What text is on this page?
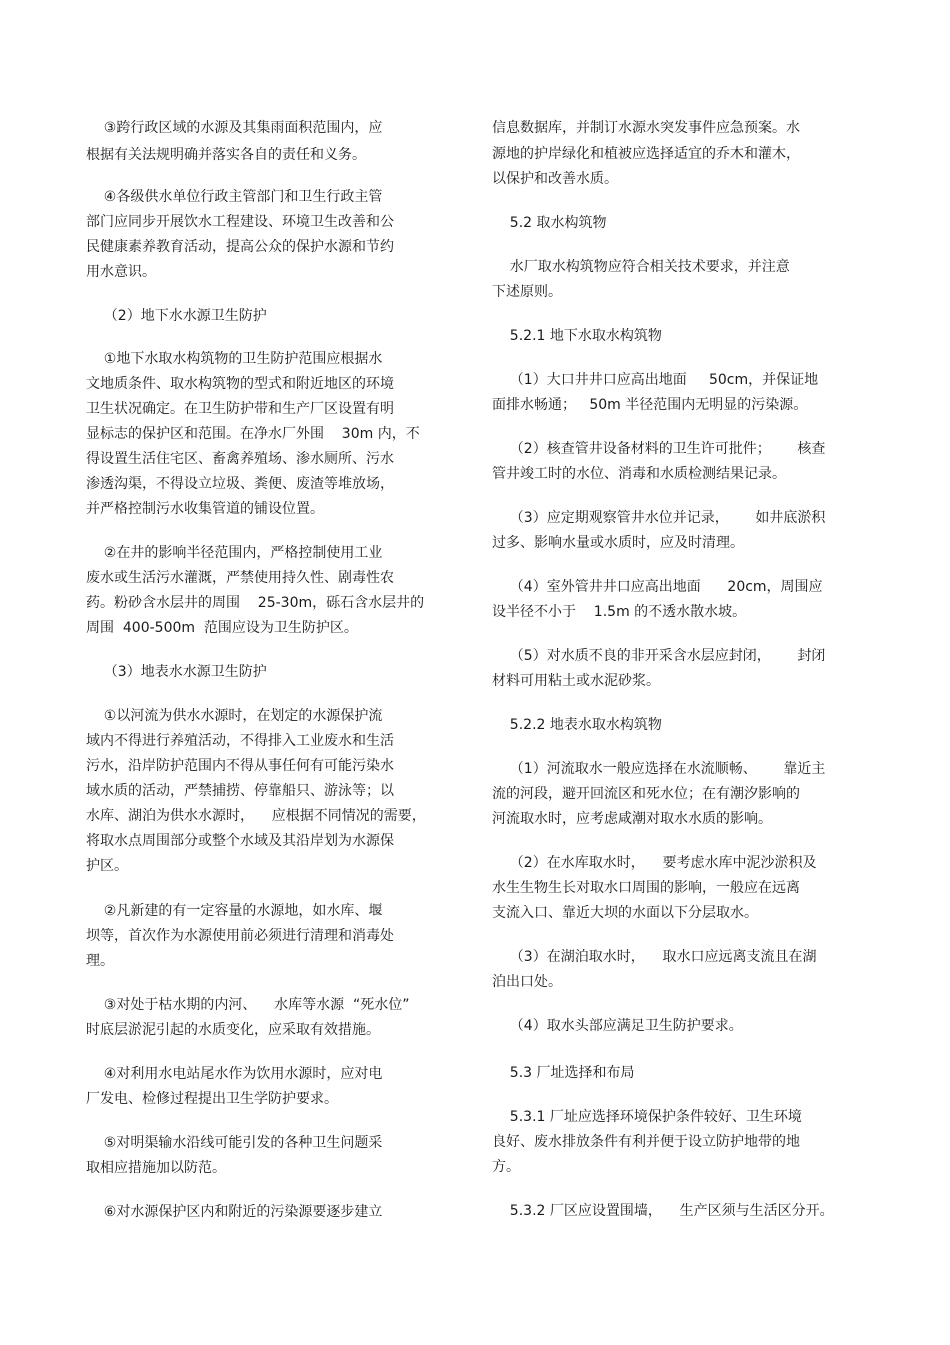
③跨行政区域的水源及其集雨面积范围内，应
根据有关法规明确并落实各自的责任和义务。
④各级供水单位行政主管部门和卫生行政主管
部门应同步开展饮水工程建设、环境卫生改善和公
民健康素养教育活动，提高公众的保护水源和节约
用水意识。
（2）地下水水源卫生防护
①地下水取水构筑物的卫生防护范围应根据水
文地质条件、取水构筑物的型式和附近地区的环境
卫生状况确定。在卫生防护带和生产厂区设置有明
显标志的保护区和范围。在净水厂外围    30m 内，不
得设置生活住宅区、畜禽养殖场、渗水厕所、污水
渗透沟渠，不得设立垃圾、粪便、废渣等堆放场，
并严格控制污水收集管道的铺设位置。
②在井的影响半径范围内，严格控制使用工业
废水或生活污水灌溉，严禁使用持久性、剧毒性农
药。粉砂含水层井的周围    25-30m，砾石含水层井的
周围  400-500m  范围应设为卫生防护区。
（3）地表水水源卫生防护
①以河流为供水水源时，在划定的水源保护流
域内不得进行养殖活动，不得排入工业废水和生活
污水，沿岸防护范围内不得从事任何有可能污染水
域水质的活动，严禁捕捞、停靠船只、游泳等；以
水库、湖泊为供水水源时，    应根据不同情况的需要，
将取水点周围部分或整个水域及其沿岸划为水源保
护区。
②凡新建的有一定容量的水源地，如水库、堰
坝等，首次作为水源使用前必须进行清理和消毒处
理。
③对处于枯水期的内河、    水库等水源  “死水位”
时底层淤泥引起的水质变化，应采取有效措施。
④对利用水电站尾水作为饮用水源时，应对电
厂发电、检修过程提出卫生学防护要求。
⑤对明渠输水沿线可能引发的各种卫生问题采
取相应措施加以防范。
⑥对水源保护区内和附近的污染源要逐步建立
信息数据库，并制订水源水突发事件应急预案。水
源地的护岸绿化和植被应选择适宜的乔木和灌木，
以保护和改善水质。
5.2 取水构筑物
水厂取水构筑物应符合相关技术要求，并注意
下述原则。
5.2.1 地下水取水构筑物
（1）大口井井口应高出地面     50cm，并保证地
面排水畅通；   50m 半径范围内无明显的污染源。
（2）核查管井设备材料的卫生许可批件；      核查
管井竣工时的水位、消毒和水质检测结果记录。
（3）应定期观察管井水位并记录，      如井底淤积
过多、影响水量或水质时，应及时清理。
（4）室外管井井口应高出地面      20cm，周围应
设半径不小于    1.5m 的不透水散水坡。
（5）对水质不良的非开采含水层应封闭，      封闭
材料可用粘土或水泥砂浆。
5.2.2 地表水取水构筑物
（1）河流取水一般应选择在水流顺畅、      靠近主
流的河段，避开回流区和死水位；在有潮汐影响的
河流取水时，应考虑咸潮对取水水质的影响。
（2）在水库取水时，    要考虑水库中泥沙淤积及
水生生物生长对取水口周围的影响，一般应在远离
支流入口、靠近大坝的水面以下分层取水。
（3）在湖泊取水时，    取水口应远离支流且在湖
泊出口处。
（4）取水头部应满足卫生防护要求。
5.3 厂址选择和布局
5.3.1 厂址应选择环境保护条件较好、卫生环境
良好、废水排放条件有利并便于设立防护地带的地
方。
5.3.2 厂区应设置围墙，    生产区须与生活区分开。
